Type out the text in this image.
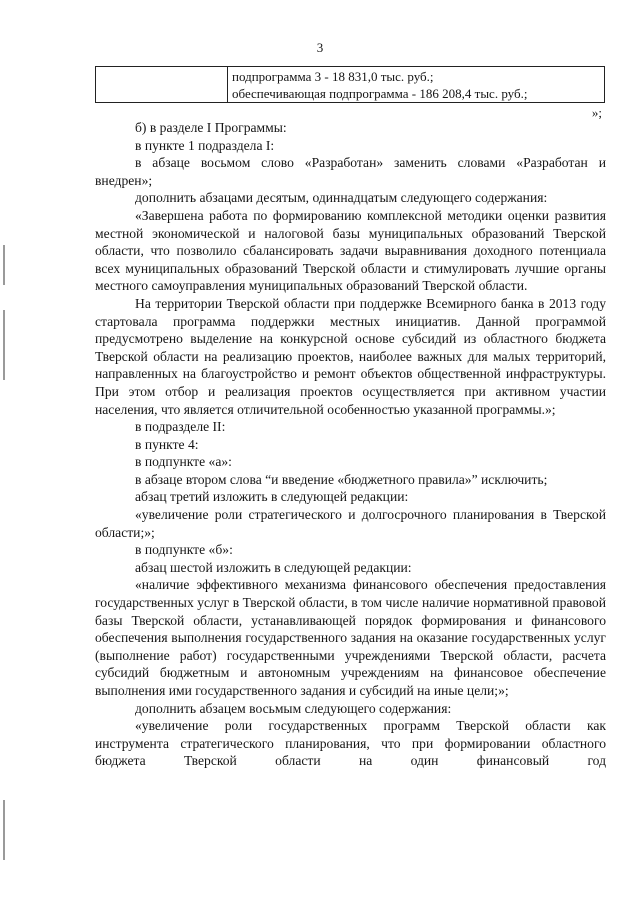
3
подпрограмма 3 - 18 831,0 тыс. руб.;
обеспечивающая подпрограмма - 186 208,4 тыс. руб.;
»;

б) в разделе I Программы:

в пункте 1 подраздела I:

в абзаце восьмом слово «Разработан» заменить словами «Разработан и внедрен»;

дополнить абзацами десятым, одиннадцатым следующего содержания:

«Завершена работа по формированию комплексной методики оценки развития местной экономической и налоговой базы муниципальных образований Тверской области, что позволило сбалансировать задачи выравнивания доходного потенциала всех муниципальных образований Тверской области и стимулировать лучшие органы местного самоуправления муниципальных образований Тверской области.

На территории Тверской области при поддержке Всемирного банка в 2013 году стартовала программа поддержки местных инициатив. Данной программой предусмотрено выделение на конкурсной основе субсидий из областного бюджета Тверской области на реализацию проектов, наиболее важных для малых территорий, направленных на благоустройство и ремонт объектов общественной инфраструктуры. При этом отбор и реализация проектов осуществляется при активном участии населения, что является отличительной особенностью указанной программы.»;

в подразделе II:

в пункте 4:

в подпункте «а»:

в абзаце втором слова “и введение «бюджетного правила»” исключить;

абзац третий изложить в следующей редакции:

«увеличение роли стратегического и долгосрочного планирования в Тверской области;»;

в подпункте «б»:

абзац шестой изложить в следующей редакции:

«наличие эффективного механизма финансового обеспечения предоставления государственных услуг в Тверской области, в том числе наличие нормативной правовой базы Тверской области, устанавливающей порядок формирования и финансового обеспечения выполнения государственного задания на оказание государственных услуг (выполнение работ) государственными учреждениями Тверской области, расчета субсидий бюджетным и автономным учреждениям на финансовое обеспечение выполнения ими государственного задания и субсидий на иные цели;»;

дополнить абзацем восьмым следующего содержания:

«увеличение роли государственных программ Тверской области как инструмента стратегического планирования, что при формировании областного бюджета Тверской области на один финансовый год
